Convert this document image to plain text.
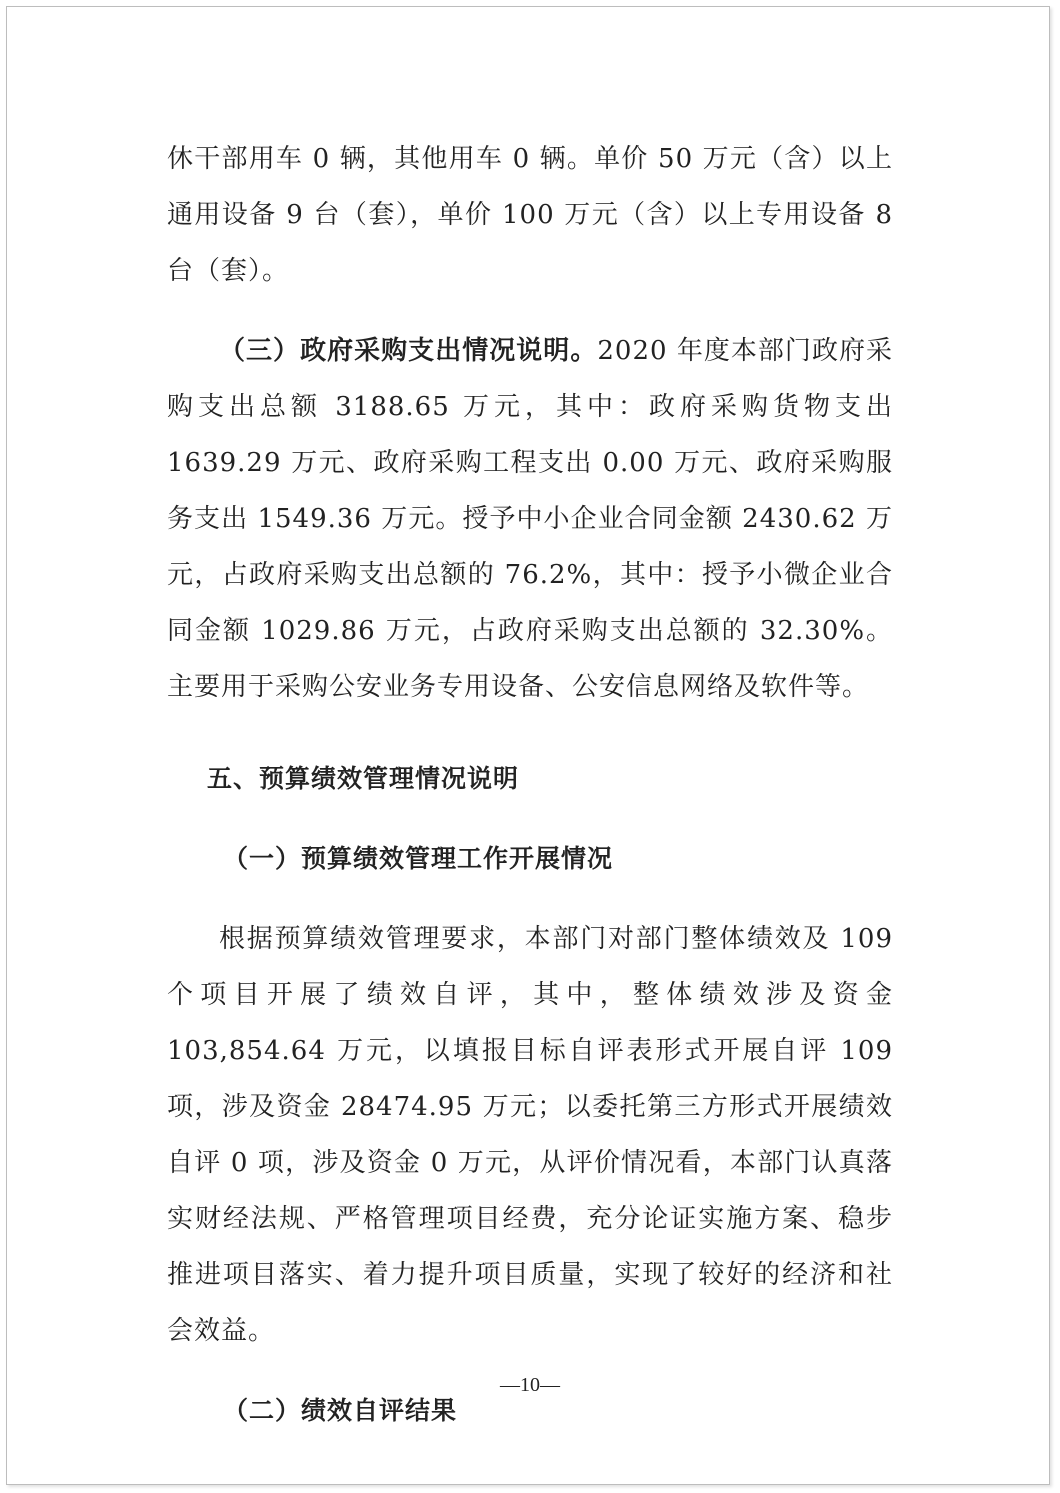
休干部用车 0 辆，其他用车 0 辆。单价 50 万元（含）以上通用设备 9 台（套），单价 100 万元（含）以上专用设备 8 台（套）。

（三）政府采购支出情况说明。2020 年度本部门政府采购支出总额 3188.65 万元，其中：政府采购货物支出 1639.29 万元、政府采购工程支出 0.00 万元、政府采购服务支出 1549.36 万元。授予中小企业合同金额 2430.62 万元，占政府采购支出总额的 76.2%，其中：授予小微企业合同金额 1029.86 万元，占政府采购支出总额的 32.30%。主要用于采购公安业务专用设备、公安信息网络及软件等。

五、预算绩效管理情况说明

（一）预算绩效管理工作开展情况

根据预算绩效管理要求，本部门对部门整体绩效及 109 个项目开展了绩效自评，其中，整体绩效涉及资金 103,854.64 万元，以填报目标自评表形式开展自评 109 项，涉及资金 28474.95 万元；以委托第三方形式开展绩效自评 0 项，涉及资金 0 万元，从评价情况看，本部门认真落实财经法规、严格管理项目经费，充分论证实施方案、稳步推进项目落实、着力提升项目质量，实现了较好的经济和社会效益。

（二）绩效自评结果

—10—
